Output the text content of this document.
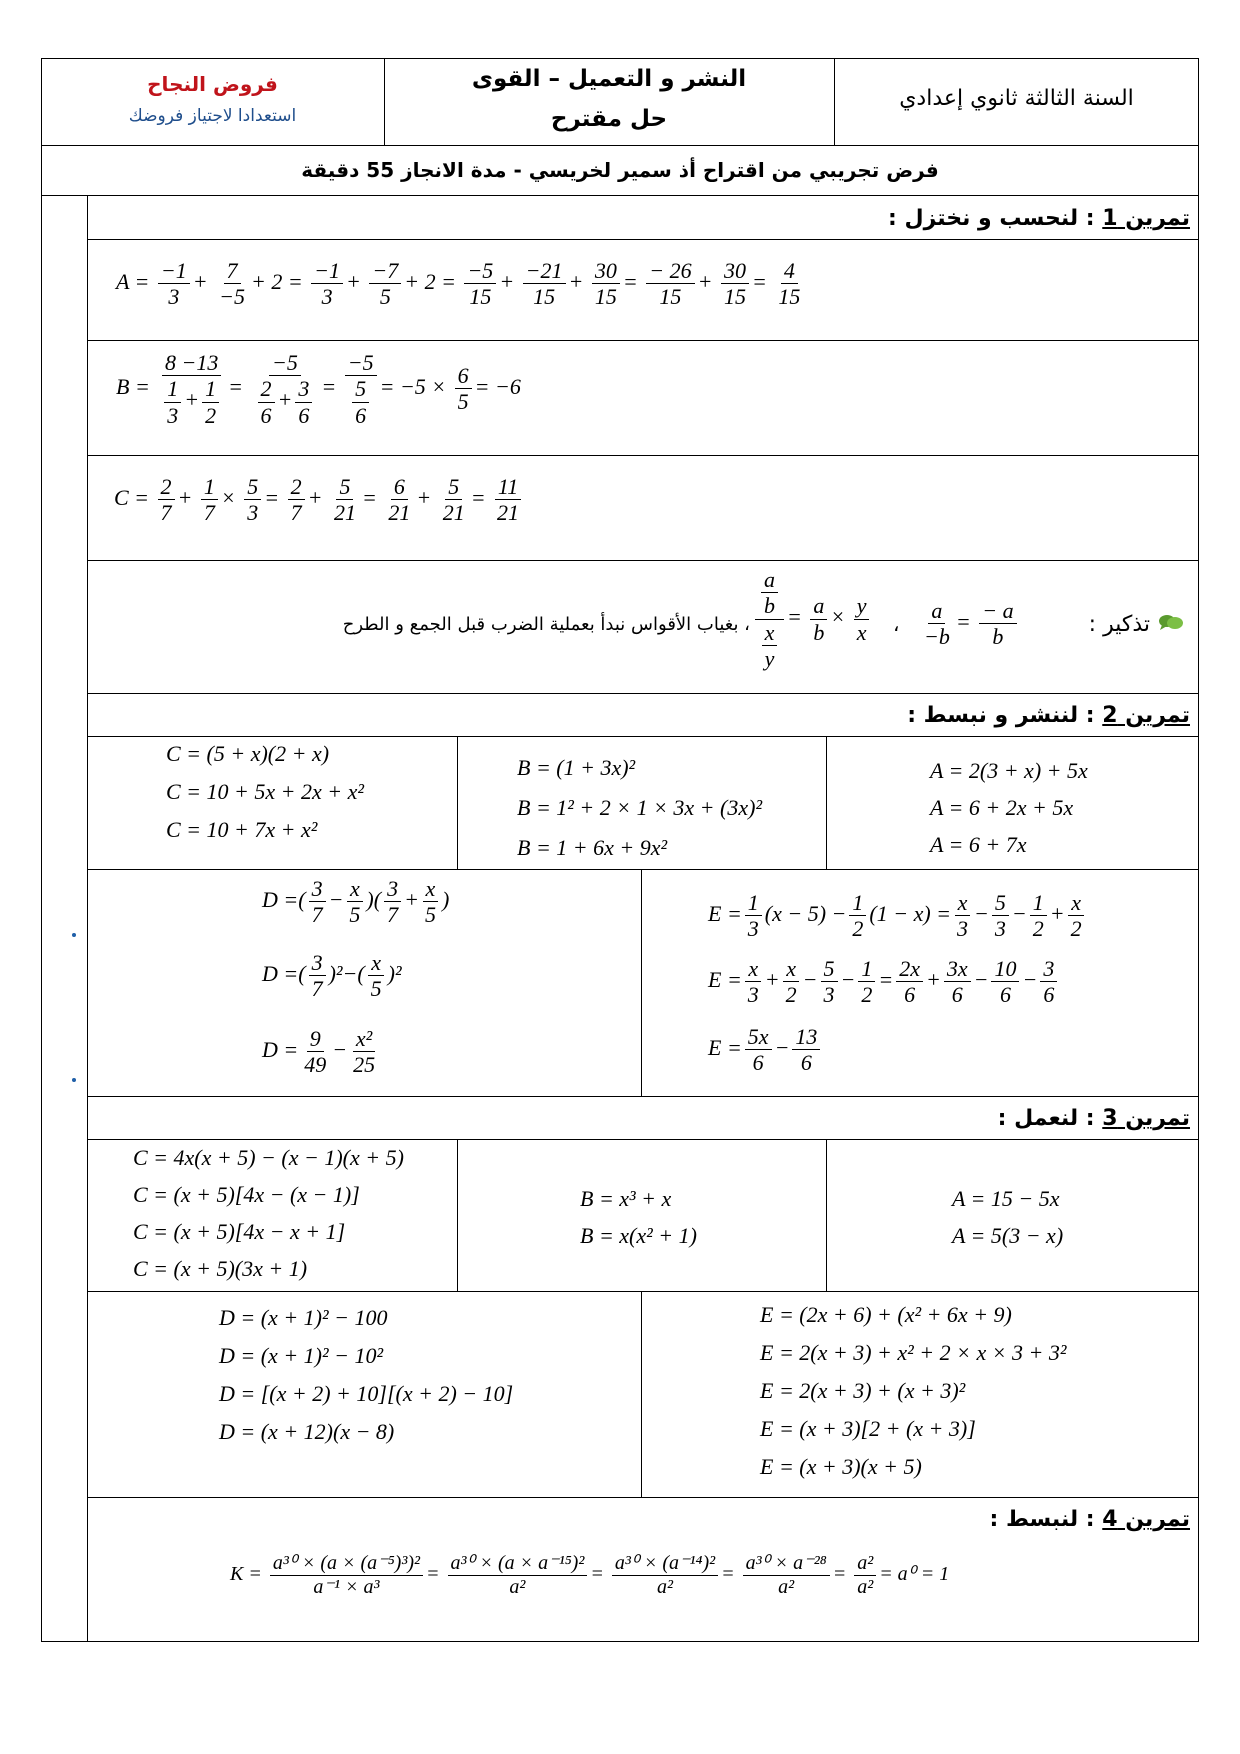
فروض النجاح
استعدادا لاجتياز فروضك
النشر و التعميل – القوى
حل مقترح
السنة الثالثة ثانوي إعدادي
فرض تجريبي من اقتراح أذ سمير لخريسي - مدة الانجاز 55 دقيقة
تمرين 1 : لنحسب و نختزل :
$A = \frac{-1}{3} + \frac{7}{-5} + 2 = \frac{-1}{3} + \frac{-7}{5} + 2 = \frac{-5}{15} + \frac{-21}{15} + \frac{30}{15} = \frac{- 26}{15} + \frac{30}{15} = \frac{4}{15}$
$B = \frac{8 -13}{\frac{1}{3} + \frac{1}{2}} = \frac{-5}{\frac{2}{6} + \frac{3}{6}} = \frac{-5}{\frac{5}{6}} = -5 \times \frac{6}{5} = -6$
$C = \frac{2}{7} + \frac{1}{7} \times \frac{5}{3} = \frac{2}{7} + \frac{5}{21} = \frac{6}{21} + \frac{5}{21} = \frac{11}{21}$
تذكير :
$\frac{a}{-b} = \frac{- a}{b}$
،
$\frac{\frac{a}{b}}{\frac{x}{y}} = \frac{a}{b} \times \frac{y}{x}$
، بغياب الأقواس نبدأ بعملية الضرب قبل الجمع و الطرح
تمرين 2 : لننشر و نبسط :
A = 2(3 + x) + 5x
A = 6 + 2x + 5x
A = 6 + 7x
B = (1 + 3x)²
B = 1² + 2 × 1 × 3x + (3x)²
B = 1 + 6x + 9x²
C = (5 + x)(2 + x)
C = 10 + 5x + 2x + x²
C = 10 + 7x + x²
D =( $\frac{3}{7} - \frac{x}{5}$ )( $\frac{3}{7} + \frac{x}{5}$ )
D =( $\frac{3}{7} )^2-( \frac{x}{5} )^2$
$D = \frac{9}{49} - \frac{\text{x²}}{25}$
$E = \frac{1}{3} (x - 5) - \frac{1}{2} (1 - x) = \frac{x}{3} - \frac{5}{3} - \frac{1}{2} + \frac{x}{2}$
$E = \frac{x}{3} + \frac{x}{2} - \frac{5}{3} - \frac{1}{2} = \frac{2x}{6} + \frac{3x}{6} - \frac{10}{6} - \frac{3}{6}$
$E = \frac{5x}{6} - \frac{13}{6}$
تمرين 3 : لنعمل :
A = 15 − 5x
A = 5(3 − x)
B = x³ + x
B = x(x² + 1)
C = 4x(x + 5) − (x − 1)(x + 5)
C = (x + 5)[4x − (x − 1)]
C = (x + 5)[4x − x + 1]
C = (x + 5)(3x + 1)
D = (x + 1)² − 100
D = (x + 1)² − 10²
D = [(x + 2) + 10][(x + 2) − 10]
D = (x + 12)(x − 8)
E = (2x + 6) + (x² + 6x + 9)
E = 2(x + 3) + x² + 2 × x × 3 + 3²
E = 2(x + 3) + (x + 3)²
E = (x + 3)[2 + (x + 3)]
E = (x + 3)(x + 5)
تمرين 4 : لنبسط :
$K = \frac{\text{a³⁰ × (a × (a⁻⁵)³)²}}{\text{a⁻¹ × a³}} = \frac{\text{a³⁰ × (a × a⁻¹⁵)²}}{\text{a²}} = \frac{\text{a³⁰ × (a⁻¹⁴)²}}{\text{a²}} = \frac{\text{a³⁰ × a⁻²⁸}}{\text{a²}} = \frac{\text{a²}}{\text{a²}} = a^0 = 1$
